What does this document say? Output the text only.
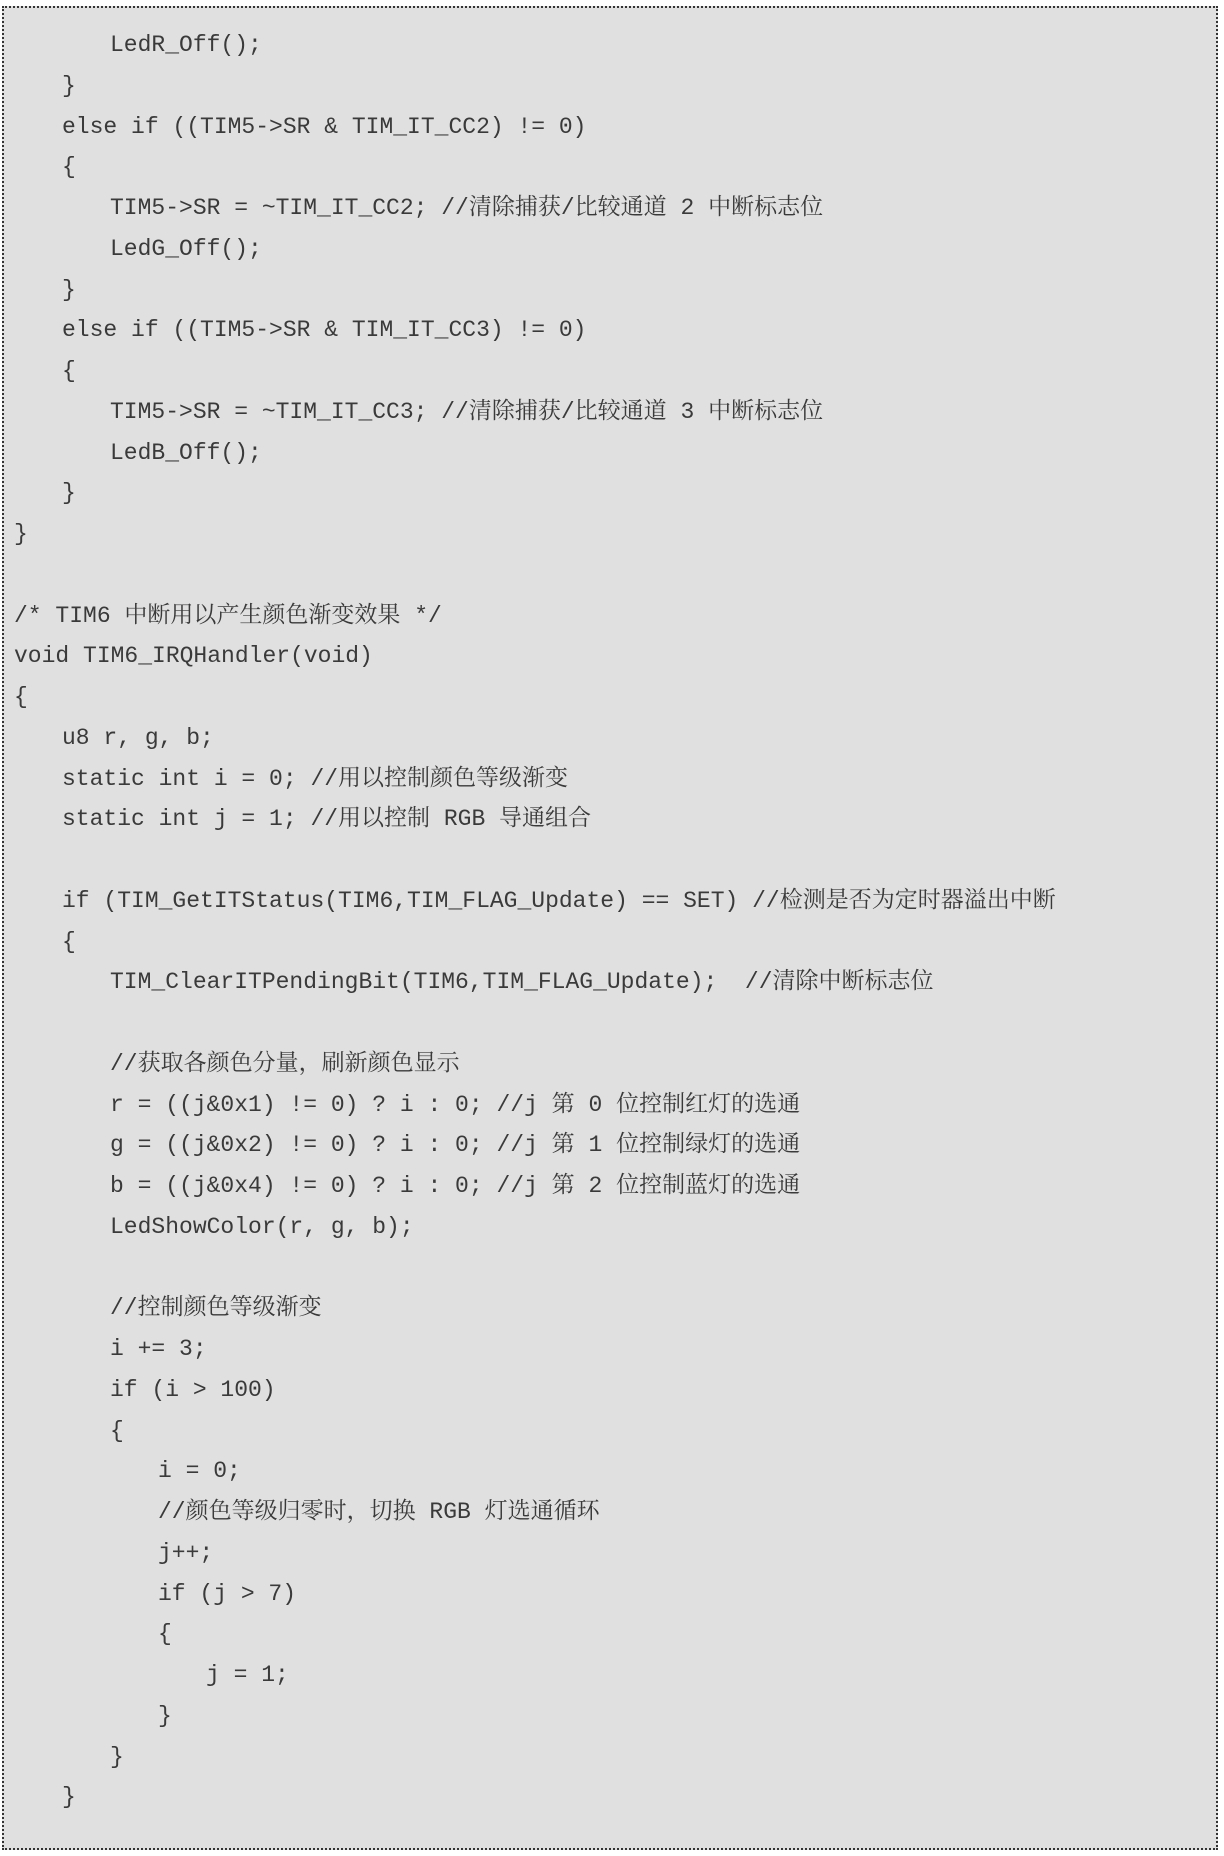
LedR_Off();
}
else if ((TIM5->SR & TIM_IT_CC2) != 0)
{
TIM5->SR = ~TIM_IT_CC2; //清除捕获/比较通道 2 中断标志位
LedG_Off();
}
else if ((TIM5->SR & TIM_IT_CC3) != 0)
{
TIM5->SR = ~TIM_IT_CC3; //清除捕获/比较通道 3 中断标志位
LedB_Off();
}
}
/* TIM6 中断用以产生颜色渐变效果 */
void TIM6_IRQHandler(void)
{
u8 r, g, b;
static int i = 0; //用以控制颜色等级渐变
static int j = 1; //用以控制 RGB 导通组合
if (TIM_GetITStatus(TIM6,TIM_FLAG_Update) == SET) //检测是否为定时器溢出中断
{
TIM_ClearITPendingBit(TIM6,TIM_FLAG_Update);  //清除中断标志位
//获取各颜色分量，刷新颜色显示
r = ((j&0x1) != 0) ? i : 0; //j 第 0 位控制红灯的选通
g = ((j&0x2) != 0) ? i : 0; //j 第 1 位控制绿灯的选通
b = ((j&0x4) != 0) ? i : 0; //j 第 2 位控制蓝灯的选通
LedShowColor(r, g, b);
//控制颜色等级渐变
i += 3;
if (i > 100)
{
i = 0;
//颜色等级归零时，切换 RGB 灯选通循环
j++;
if (j > 7)
{
j = 1;
}
}
}
